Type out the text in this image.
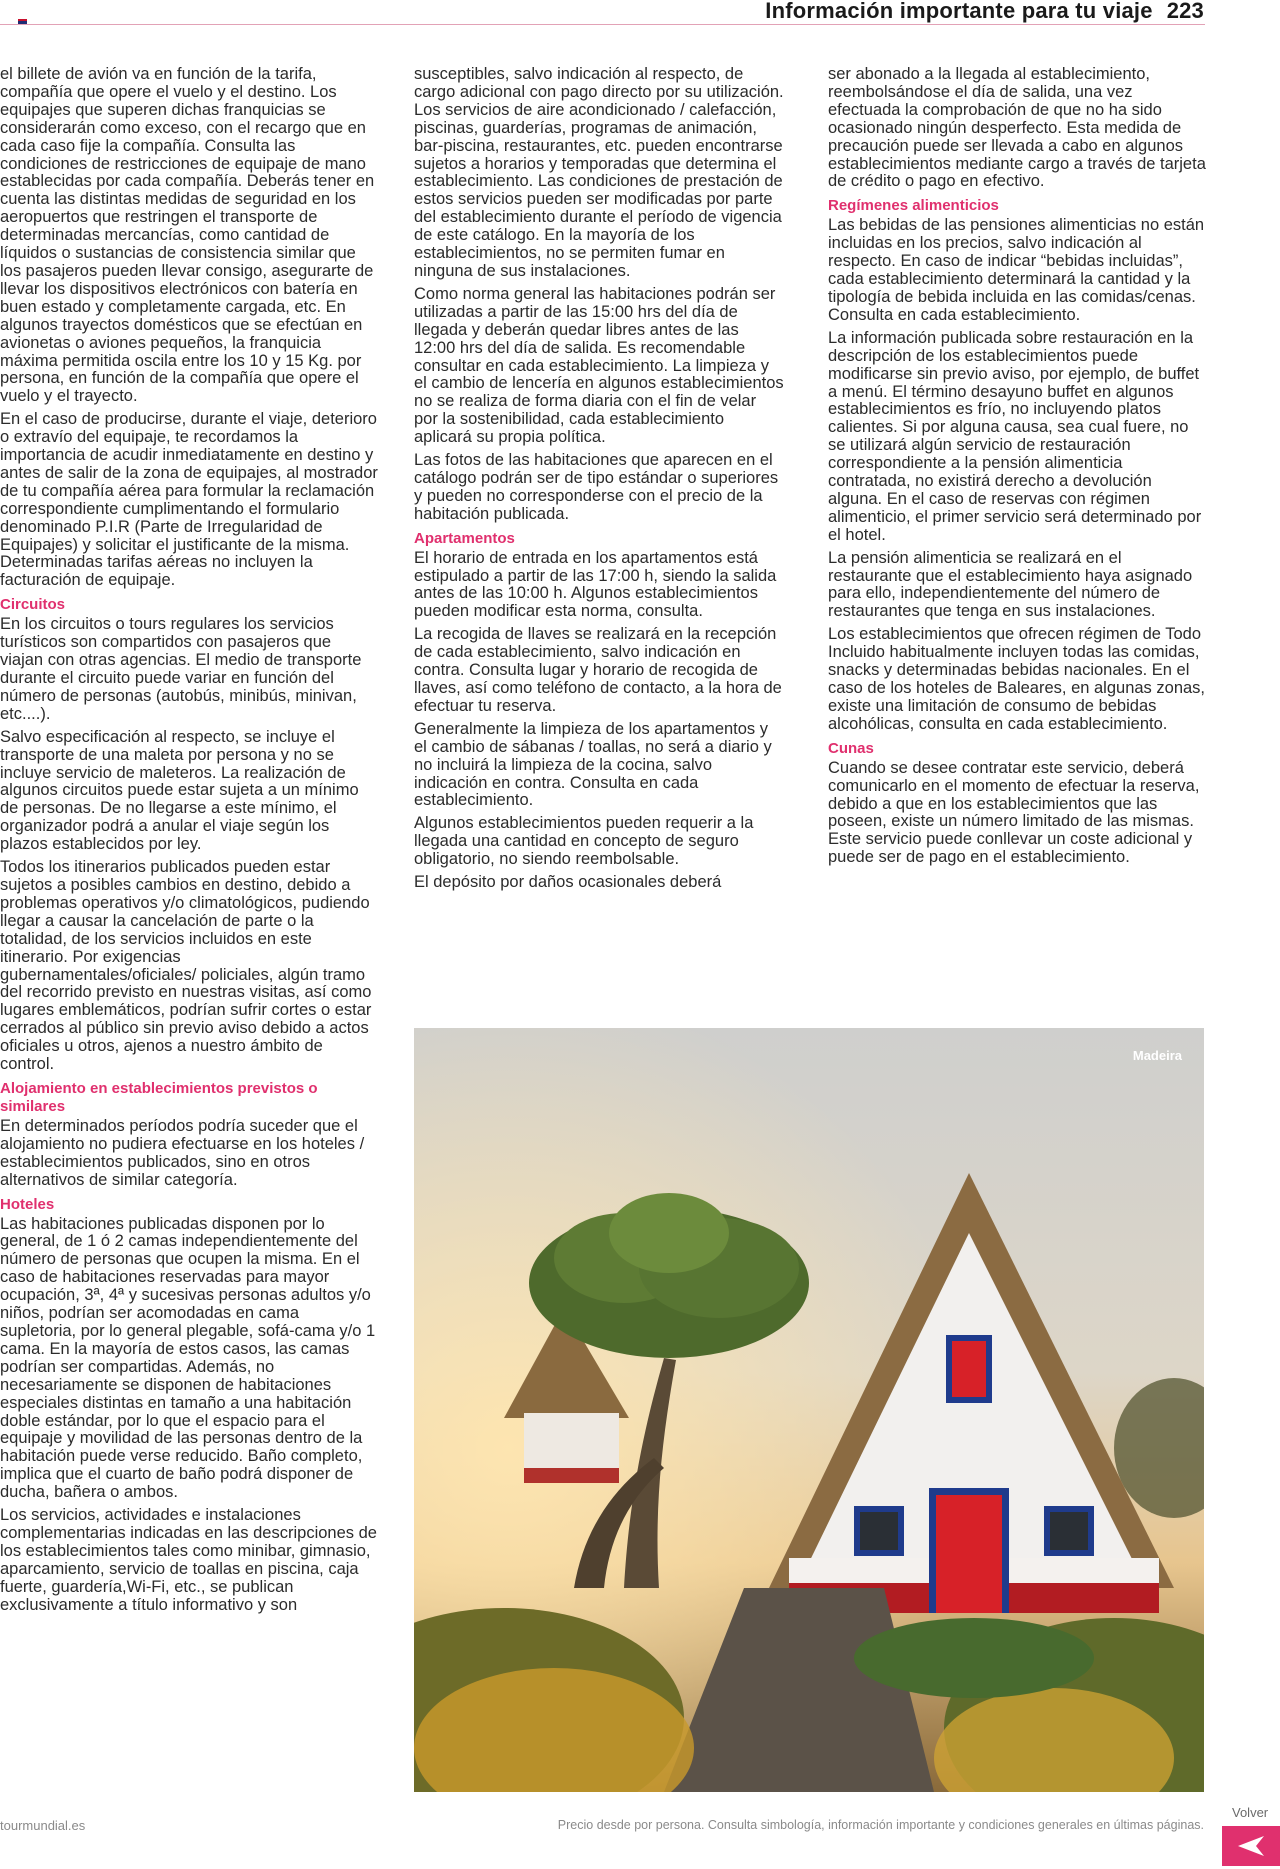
Información importante para tu viaje 223

el billete de avión va en función de la tarifa, compañía que opere el vuelo y el destino. Los equipajes que superen dichas franquicias se considerarán como exceso, con el recargo que en cada caso fije la compañía. Consulta las condiciones de restricciones de equipaje de mano establecidas por cada compañía. Deberás tener en cuenta las distintas medidas de seguridad en los aeropuertos que restringen el transporte de determinadas mercancías, como cantidad de líquidos o sustancias de consistencia similar que los pasajeros pueden llevar consigo, asegurarte de llevar los dispositivos electrónicos con batería en buen estado y completamente cargada, etc. En algunos trayectos domésticos que se efectúan en avionetas o aviones pequeños, la franquicia máxima permitida oscila entre los 10 y 15 Kg. por persona, en función de la compañía que opere el vuelo y el trayecto.

En el caso de producirse, durante el viaje, deterioro o extravío del equipaje, te recordamos la importancia de acudir inmediatamente en destino y antes de salir de la zona de equipajes, al mostrador de tu compañía aérea para formular la reclamación correspondiente cumplimentando el formulario denominado P.I.R (Parte de Irregularidad de Equipajes) y solicitar el justificante de la misma. Determinadas tarifas aéreas no incluyen la facturación de equipaje.

Circuitos

En los circuitos o tours regulares los servicios turísticos son compartidos con pasajeros que viajan con otras agencias. El medio de transporte durante el circuito puede variar en función del número de personas (autobús, minibús, minivan, etc....).

Salvo especificación al respecto, se incluye el transporte de una maleta por persona y no se incluye servicio de maleteros. La realización de algunos circuitos puede estar sujeta a un mínimo de personas. De no llegarse a este mínimo, el organizador podrá a anular el viaje según los plazos establecidos por ley.

Todos los itinerarios publicados pueden estar sujetos a posibles cambios en destino, debido a problemas operativos y/o climatológicos, pudiendo llegar a causar la cancelación de parte o la totalidad, de los servicios incluidos en este itinerario. Por exigencias gubernamentales/oficiales/ policiales, algún tramo del recorrido previsto en nuestras visitas, así como lugares emblemáticos, podrían sufrir cortes o estar cerrados al público sin previo aviso debido a actos oficiales u otros, ajenos a nuestro ámbito de control.

Alojamiento en establecimientos previstos o similares

En determinados períodos podría suceder que el alojamiento no pudiera efectuarse en los hoteles / establecimientos publicados, sino en otros alternativos de similar categoría.

Hoteles

Las habitaciones publicadas disponen por lo general, de 1 ó 2 camas independientemente del número de personas que ocupen la misma. En el caso de habitaciones reservadas para mayor ocupación, 3ª, 4ª y sucesivas personas adultos y/o niños, podrían ser acomodadas en cama supletoria, por lo general plegable, sofá-cama y/o 1 cama. En la mayoría de estos casos, las camas podrían ser compartidas. Además, no necesariamente se disponen de habitaciones especiales distintas en tamaño a una habitación doble estándar, por lo que el espacio para el equipaje y movilidad de las personas dentro de la habitación puede verse reducido. Baño completo, implica que el cuarto de baño podrá disponer de ducha, bañera o ambos.

Los servicios, actividades e instalaciones complementarias indicadas en las descripciones de los establecimientos tales como minibar, gimnasio, aparcamiento, servicio de toallas en piscina, caja fuerte, guardería,Wi-Fi, etc., se publican exclusivamente a título informativo y son

susceptibles, salvo indicación al respecto, de cargo adicional con pago directo por su utilización. Los servicios de aire acondicionado / calefacción, piscinas, guarderías, programas de animación, bar-piscina, restaurantes, etc. pueden encontrarse sujetos a horarios y temporadas que determina el establecimiento. Las condiciones de prestación de estos servicios pueden ser modificadas por parte del establecimiento durante el período de vigencia de este catálogo. En la mayoría de los establecimientos, no se permiten fumar en ninguna de sus instalaciones.

Como norma general las habitaciones podrán ser utilizadas a partir de las 15:00 hrs del día de llegada y deberán quedar libres antes de las 12:00 hrs del día de salida. Es recomendable consultar en cada establecimiento. La limpieza y el cambio de lencería en algunos establecimientos no se realiza de forma diaria con el fin de velar por la sostenibilidad, cada establecimiento aplicará su propia política.

Las fotos de las habitaciones que aparecen en el catálogo podrán ser de tipo estándar o superiores y pueden no corresponderse con el precio de la habitación publicada.

Apartamentos

El horario de entrada en los apartamentos está estipulado a partir de las 17:00 h, siendo la salida antes de las 10:00 h. Algunos establecimientos pueden modificar esta norma, consulta.

La recogida de llaves se realizará en la recepción de cada establecimiento, salvo indicación en contra. Consulta lugar y horario de recogida de llaves, así como teléfono de contacto, a la hora de efectuar tu reserva.

Generalmente la limpieza de los apartamentos y el cambio de sábanas / toallas, no será a diario y no incluirá la limpieza de la cocina, salvo indicación en contra. Consulta en cada establecimiento.

Algunos establecimientos pueden requerir a la llegada una cantidad en concepto de seguro obligatorio, no siendo reembolsable.

El depósito por daños ocasionales deberá

ser abonado a la llegada al establecimiento, reembolsándose el día de salida, una vez efectuada la comprobación de que no ha sido ocasionado ningún desperfecto. Esta medida de precaución puede ser llevada a cabo en algunos establecimientos mediante cargo a través de tarjeta de crédito o pago en efectivo.

Regímenes alimenticios

Las bebidas de las pensiones alimenticias no están incluidas en los precios, salvo indicación al respecto. En caso de indicar “bebidas incluidas”, cada establecimiento determinará la cantidad y la tipología de bebida incluida en las comidas/cenas. Consulta en cada establecimiento.

La información publicada sobre restauración en la descripción de los establecimientos puede modificarse sin previo aviso, por ejemplo, de buffet a menú. El término desayuno buffet en algunos establecimientos es frío, no incluyendo platos calientes. Si por alguna causa, sea cual fuere, no se utilizará algún servicio de restauración correspondiente a la pensión alimenticia contratada, no existirá derecho a devolución alguna. En el caso de reservas con régimen alimenticio, el primer servicio será determinado por el hotel.

La pensión alimenticia se realizará en el restaurante que el establecimiento haya asignado para ello, independientemente del número de restaurantes que tenga en sus instalaciones.

Los establecimientos que ofrecen régimen de Todo Incluido habitualmente incluyen todas las comidas, snacks y determinadas bebidas nacionales. En el caso de los hoteles de Baleares, en algunas zonas, existe una limitación de consumo de bebidas alcohólicas, consulta en cada establecimiento.

Cunas

Cuando se desee contratar este servicio, deberá comunicarlo en el momento de efectuar la reserva, debido a que en los establecimientos que las poseen, existe un número limitado de las mismas. Este servicio puede conllevar un coste adicional y puede ser de pago en el establecimiento.

Madeira
tourmundial.es	Precio desde por persona. Consulta simbología, información importante y condiciones generales en últimas páginas.
Volver
